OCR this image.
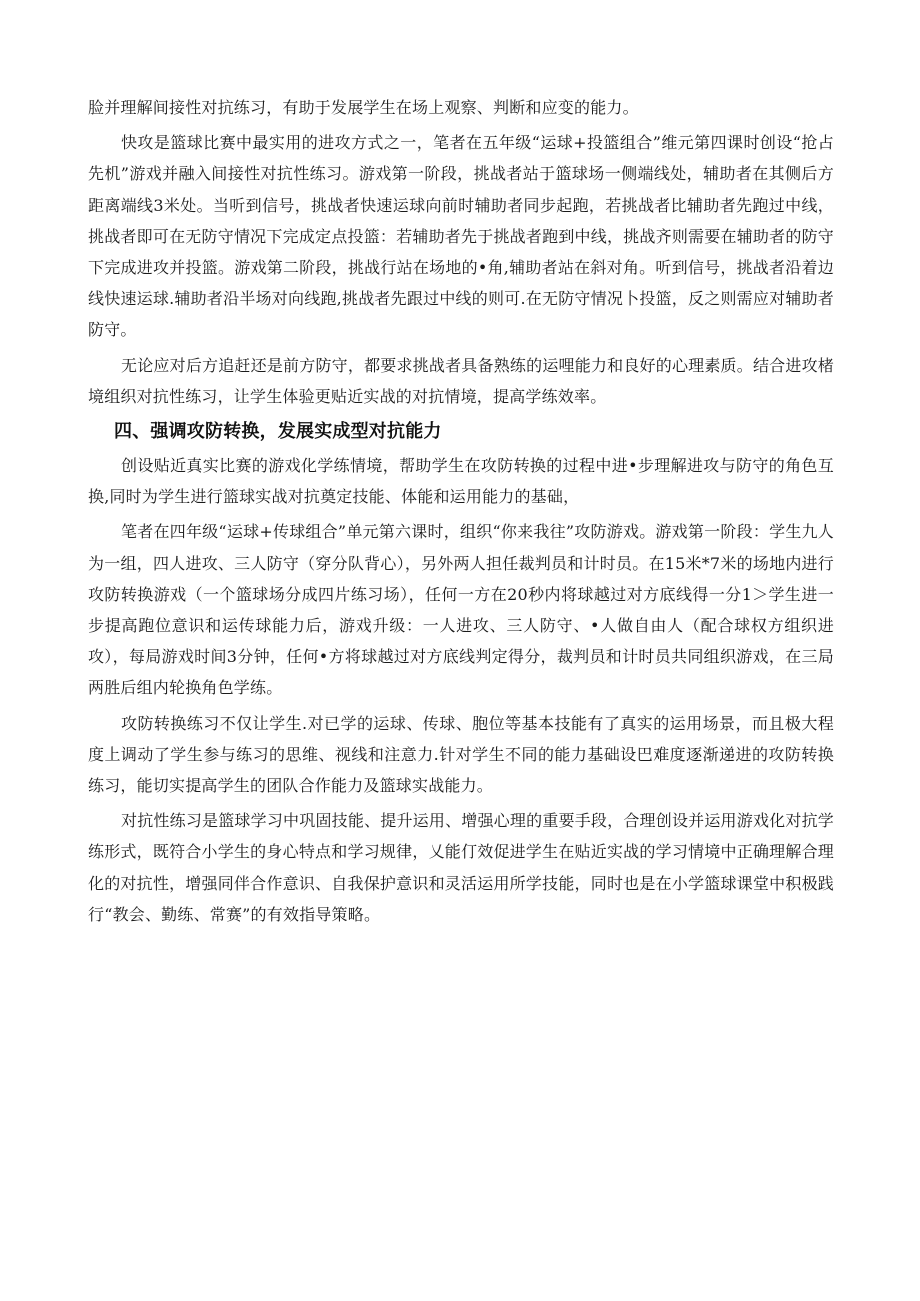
脸并理解间接性对抗练习，有助于发展学生在场上观察、判断和应变的能力。

快攻是篮球比赛中最实用的进攻方式之一，笔者在五年级“运球+投篮组合”维元第四课时创设“抢占先机”游戏并融入间接性对抗性练习。游戏第一阶段，挑战者站于篮球场一侧端线处，辅助者在其侧后方距离端线3米处。当听到信号，挑战者快速运球向前时辅助者同步起跑，若挑战者比辅助者先跑过中线，挑战者即可在无防守情况下完成定点投篮：若辅助者先于挑战者跑到中线，挑战齐则需要在辅助者的防守下完成进攻并投篮。游戏第二阶段，挑战行站在场地的•角,辅助者站在斜对角。听到信号，挑战者沿着边线快速运球.辅助者沿半场对向线跑,挑战者先跟过中线的则可.在无防守情况卜投篮，反之则需应对辅助者防守。

无论应对后方追赶还是前方防守，都要求挑战者具备熟练的运哩能力和良好的心理素质。结合进攻楮境组织对抗性练习，让学生体验更贴近实战的对抗情境，提高学练效率。

四、强调攻防转换，发展实成型对抗能力

创设贴近真实比赛的游戏化学练情境，帮助学生在攻防转换的过程中进•步理解进攻与防守的角色互换,同时为学生进行篮球实战对抗奠定技能、体能和运用能力的基础，

笔者在四年级“运球+传球组合”单元第六课时，组织“你来我往”攻防游戏。游戏第一阶段：学生九人为一组，四人进攻、三人防守（穿分队背心），另外两人担任裁判员和计时员。在15米*7米的场地内进行攻防转换游戏（一个篮球场分成四片练习场），任何一方在20秒内将球越过对方底线得一分1＞学生进一步提高跑位意识和运传球能力后，游戏升级：一人进攻、三人防守、•人做自由人（配合球权方组织进攻），每局游戏时间3分钟，任何•方将球越过对方底线判定得分，裁判员和计时员共同组织游戏，在三局两胜后组内轮换角色学练。

攻防转换练习不仅让学生.对已学的运球、传球、胞位等基本技能有了真实的运用场景，而且极大程度上调动了学生参与练习的思维、视线和注意力.针对学生不同的能力基础设巴难度逐渐递进的攻防转换练习，能切实提高学生的团队合作能力及篮球实战能力。

对抗性练习是篮球学习中巩固技能、提升运用、增强心理的重要手段，合理创设并运用游戏化对抗学练形式，既符合小学生的身心特点和学习规律，乂能仃效促进学生在贴近实战的学习情境中正确理解合理化的对抗性，增强同伴合作意识、自我保护意识和灵活运用所学技能，同时也是在小学篮球课堂中积极践行“教会、勤练、常赛”的有效指导策略。
